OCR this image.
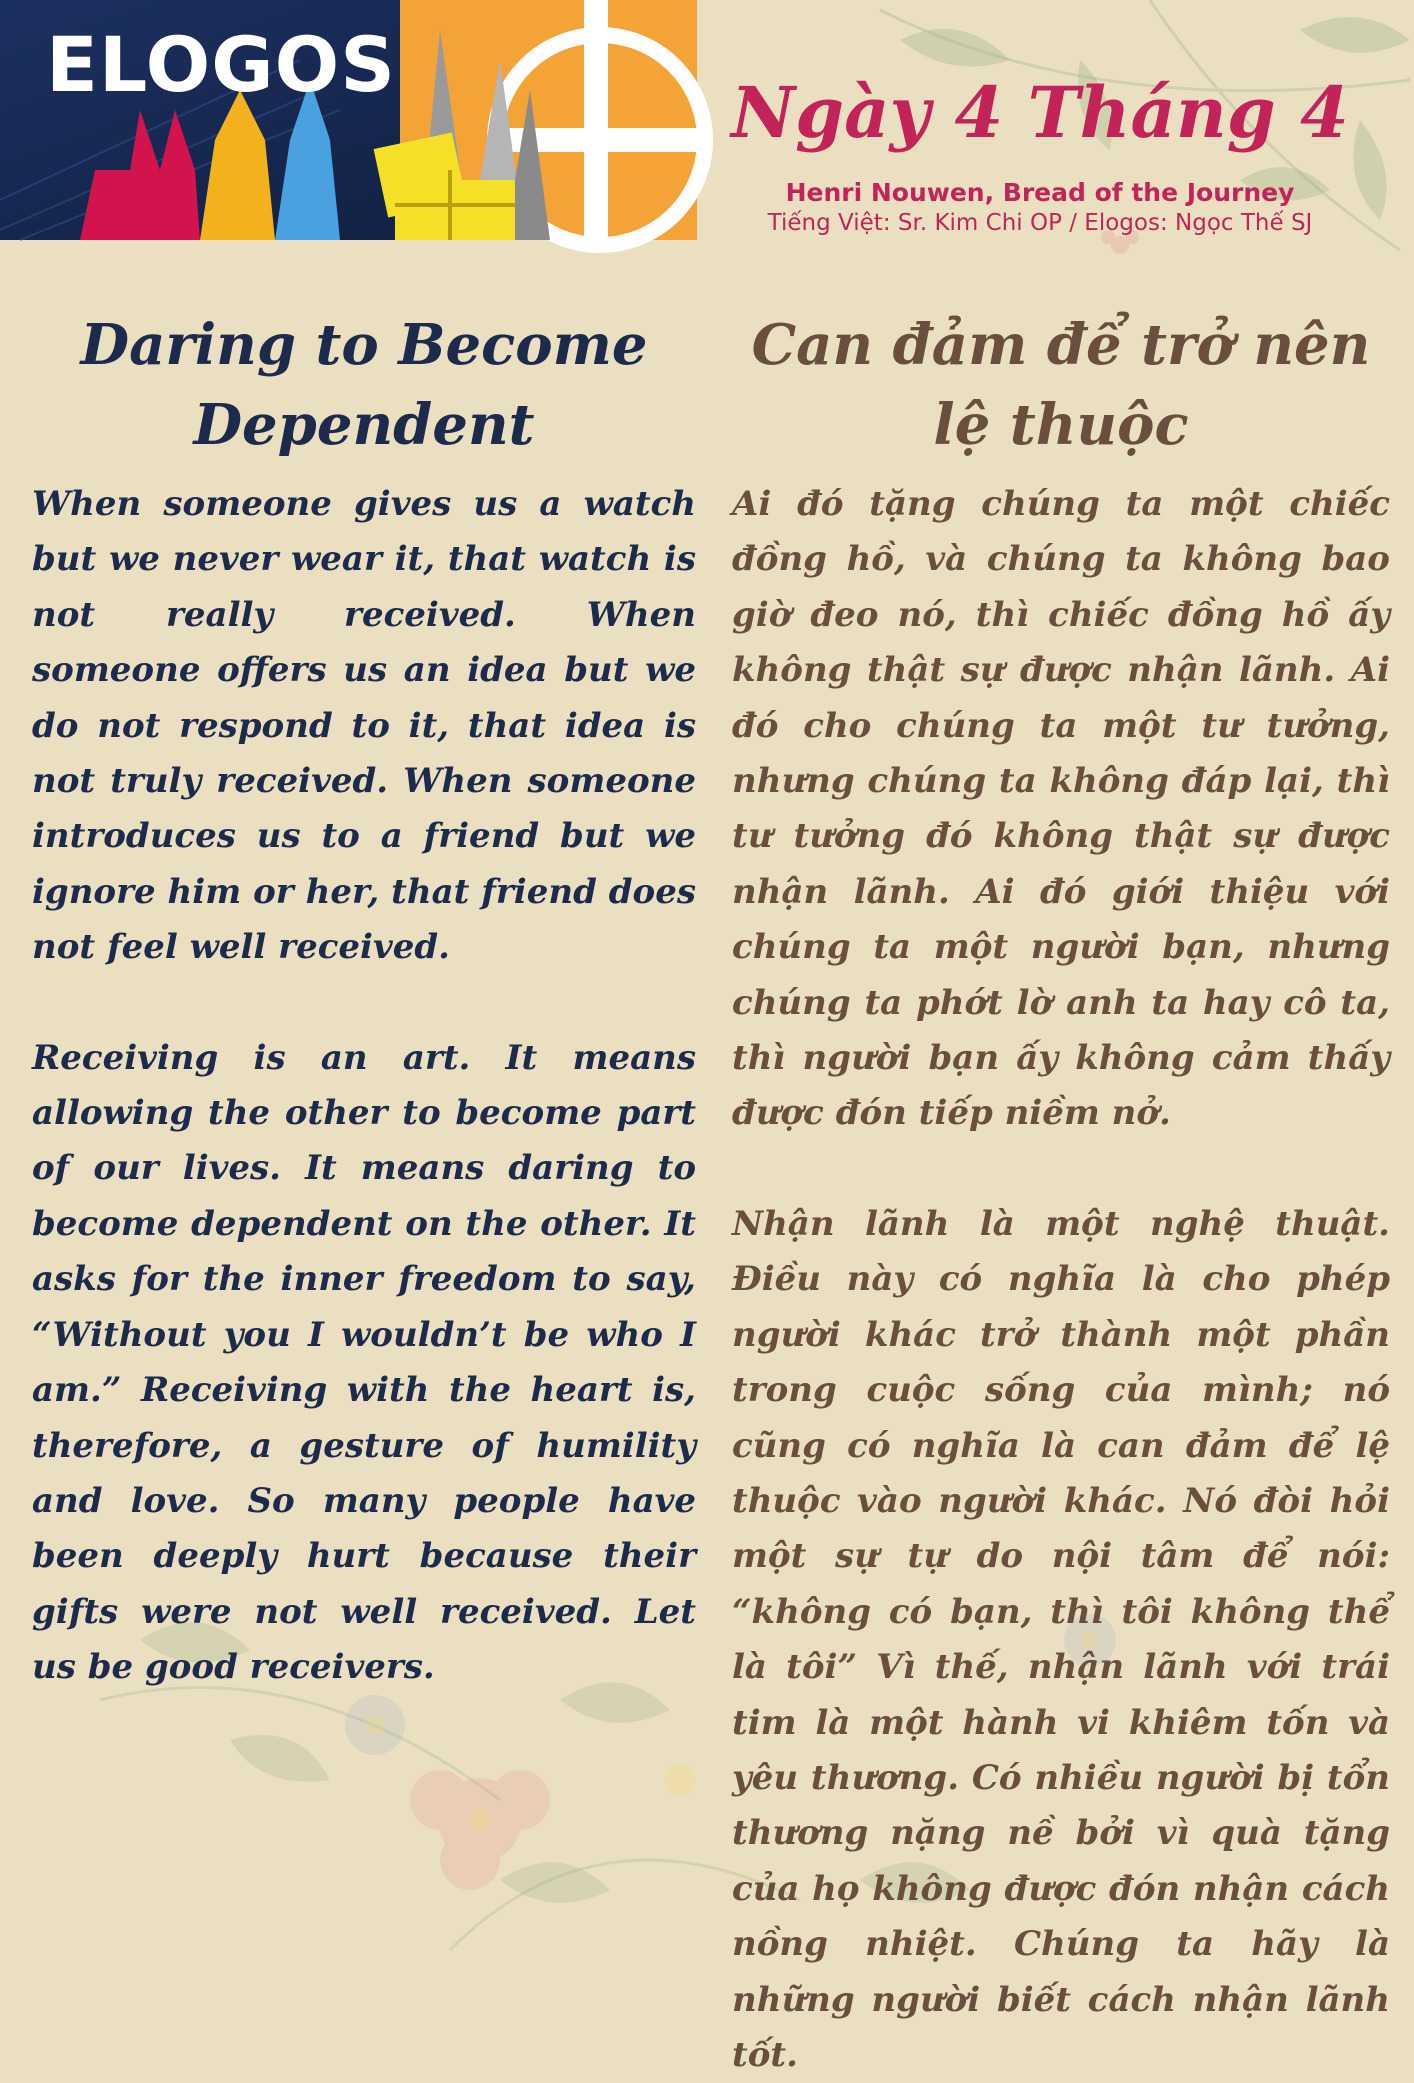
ELOGOS
Ngày 4 Tháng 4

Henri Nouwen, Bread of the Journey

Tiếng Việt: Sr. Kim Chi OP / Elogos: Ngọc Thế SJ

Daring to Become Dependent

When someone gives us a watch but we never wear it, that watch is not really received. When someone offers us an idea but we do not respond to it, that idea is not truly received. When someone introduces us to a friend but we ignore him or her, that friend does not feel well received.

Receiving is an art. It means allowing the other to become part of our lives. It means daring to become dependent on the other. It asks for the inner freedom to say, “Without you I wouldn’t be who I am.” Receiving with the heart is, therefore, a gesture of humility and love. So many people have been deeply hurt because their gifts were not well received. Let us be good receivers.

Can đảm để trở nên lệ thuộc

Ai đó tặng chúng ta một chiếc đồng hồ, và chúng ta không bao giờ đeo nó, thì chiếc đồng hồ ấy không thật sự được nhận lãnh. Ai đó cho chúng ta một tư tưởng, nhưng chúng ta không đáp lại, thì tư tưởng đó không thật sự được nhận lãnh. Ai đó giới thiệu với chúng ta một người bạn, nhưng chúng ta phớt lờ anh ta hay cô ta, thì người bạn ấy không cảm thấy được đón tiếp niềm nở.

Nhận lãnh là một nghệ thuật. Điều này có nghĩa là cho phép người khác trở thành một phần trong cuộc sống của mình; nó cũng có nghĩa là can đảm để lệ thuộc vào người khác. Nó đòi hỏi một sự tự do nội tâm để nói: “không có bạn, thì tôi không thể là tôi” Vì thế, nhận lãnh với trái tim là một hành vi khiêm tốn và yêu thương. Có nhiều người bị tổn thương nặng nề bởi vì quà tặng của họ không được đón nhận cách nồng nhiệt. Chúng ta hãy là những người biết cách nhận lãnh tốt.
